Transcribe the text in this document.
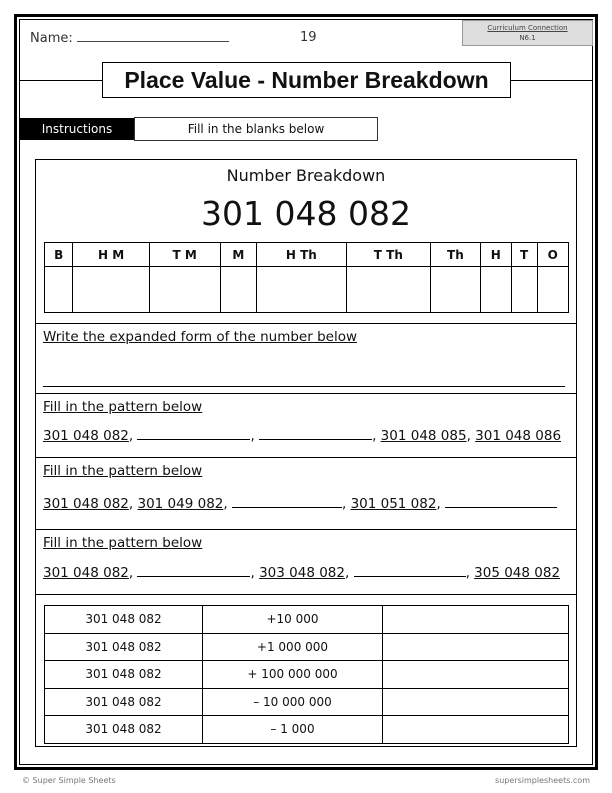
Name:	19
Curriculum Connection
N6.1
Place Value - Number Breakdown
Instructions	Fill in the blanks below
Number Breakdown
301 048 082
B	H M	T M	M	H Th	T Th	Th	H	T	O

Write the expanded form of the number below
Fill in the pattern below
301 048 082,	,	, 301 048 085, 301 048 086
Fill in the pattern below
301 048 082, 301 049 082,	, 301 051 082,
Fill in the pattern below
301 048 082,	, 303 048 082,	, 305 048 082
301 048 082	+10 000	
301 048 082	+1 000 000	
301 048 082	+ 100 000 000	
301 048 082	– 10 000 000	
301 048 082	– 1 000	
© Super Simple Sheets	supersimplesheets.com
